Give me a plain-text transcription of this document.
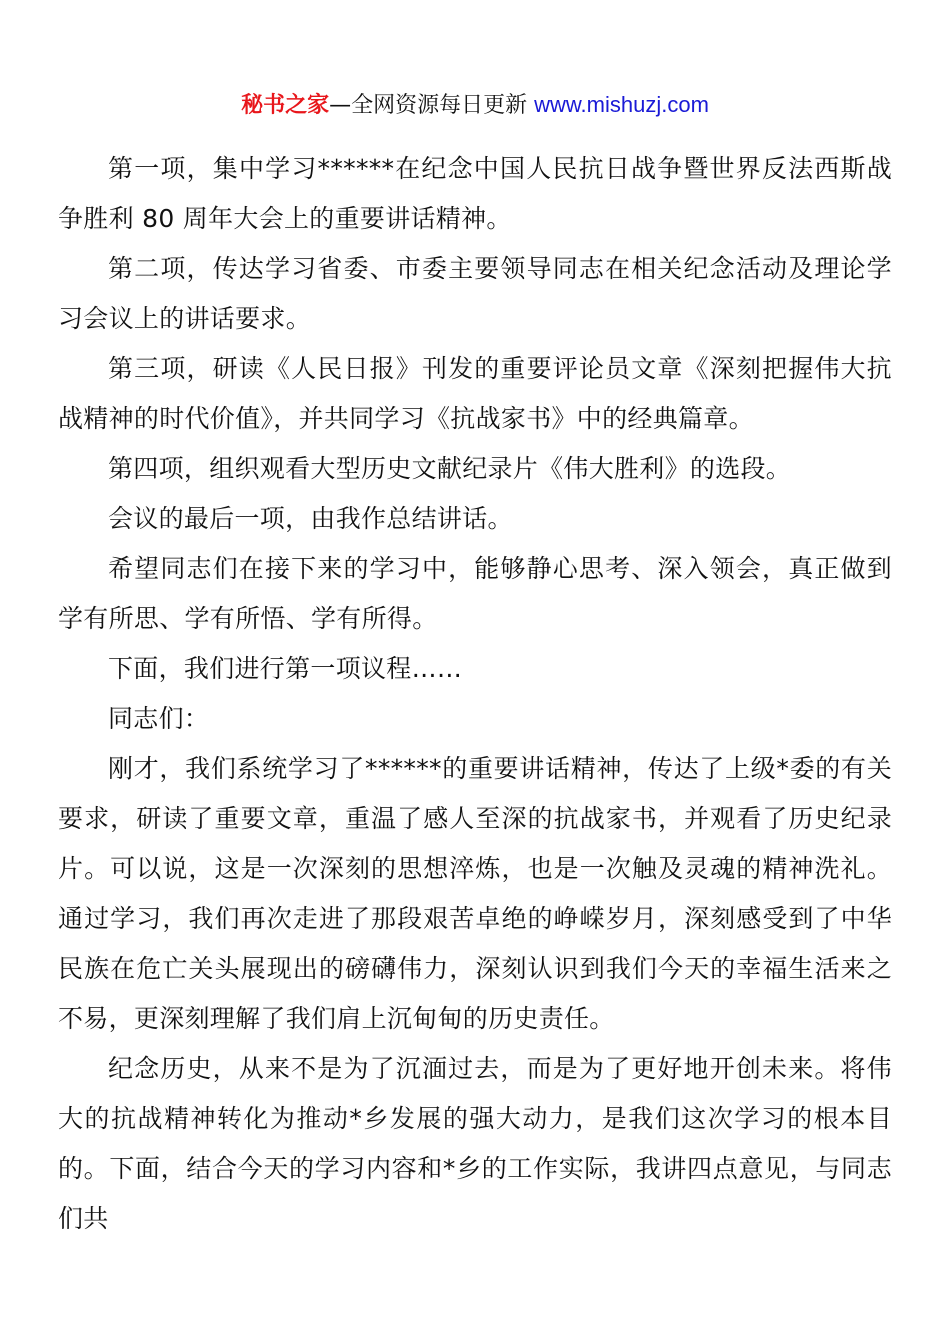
秘书之家—全网资源每日更新 www.mishuzj.com

第一项，集中学习******在纪念中国人民抗日战争暨世界反法西斯战争胜利 80 周年大会上的重要讲话精神。

第二项，传达学习省委、市委主要领导同志在相关纪念活动及理论学习会议上的讲话要求。

第三项，研读《人民日报》刊发的重要评论员文章《深刻把握伟大抗战精神的时代价值》，并共同学习《抗战家书》中的经典篇章。

第四项，组织观看大型历史文献纪录片《伟大胜利》的选段。

会议的最后一项，由我作总结讲话。

希望同志们在接下来的学习中，能够静心思考、深入领会，真正做到学有所思、学有所悟、学有所得。

下面，我们进行第一项议程……

同志们：

刚才，我们系统学习了******的重要讲话精神，传达了上级*委的有关要求，研读了重要文章，重温了感人至深的抗战家书，并观看了历史纪录片。可以说，这是一次深刻的思想淬炼，也是一次触及灵魂的精神洗礼。通过学习，我们再次走进了那段艰苦卓绝的峥嵘岁月，深刻感受到了中华民族在危亡关头展现出的磅礴伟力，深刻认识到我们今天的幸福生活来之不易，更深刻理解了我们肩上沉甸甸的历史责任。

纪念历史，从来不是为了沉湎过去，而是为了更好地开创未来。将伟大的抗战精神转化为推动*乡发展的强大动力，是我们这次学习的根本目的。下面，结合今天的学习内容和*乡的工作实际，我讲四点意见，与同志们共
